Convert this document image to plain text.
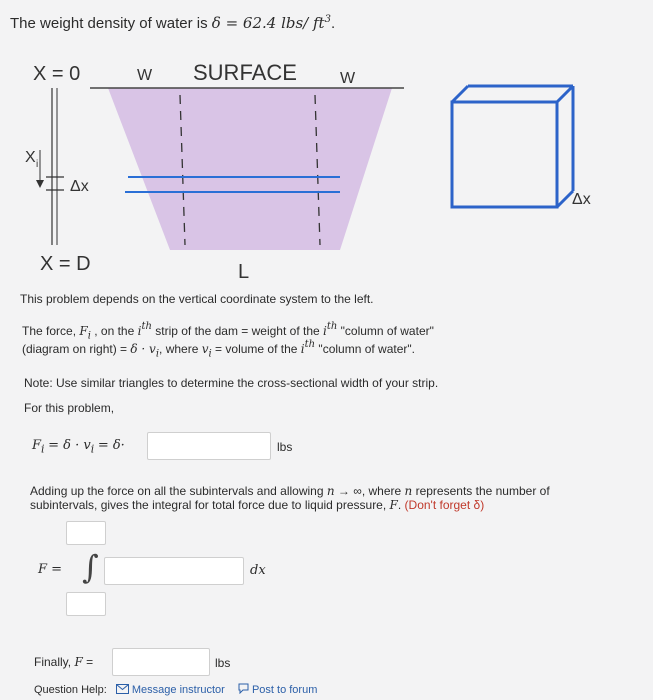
The weight density of water is δ = 62.4 lbs/ $ft^3$.
X = 0	W SURFACE	W
X i
Δx
X = D	L
Δx
This problem depends on the vertical coordinate system to the left.
The force, $F_i$ , on the $i^{th}$ strip of the dam = weight of the $i^{th}$ "column of water"
(diagram on right) = $\delta \cdot v_i$, where $v_i$ = volume of the $i^{th}$ "column of water".
Note: Use similar triangles to determine the cross-sectional width of your strip.
For this problem,
$F_i = \delta \cdot v_i = \delta\cdot$	lbs
Adding up the force on all the subintervals and allowing n → ∞, where n represents the number of
subintervals, gives the integral for total force due to liquid pressure, F. (Don't forget δ)
F = ∫	dx
Finally, F =	lbs
Question Help: Message instructor Post to forum
